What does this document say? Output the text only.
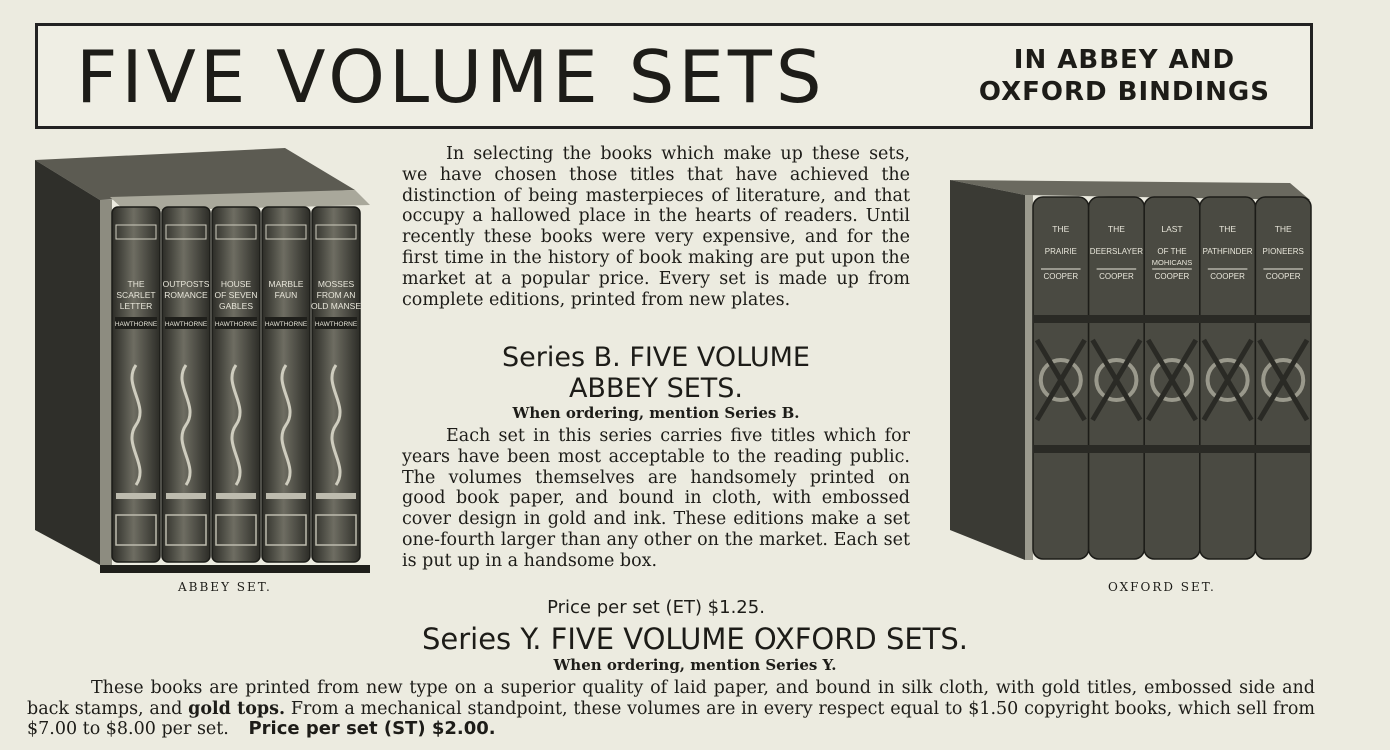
FIVE VOLUME SETS	IN ABBEY AND
OXFORD BINDINGS
THE
SCARLET
LETTER
HAWTHORNE
OUTPOSTS
ROMANCE
HAWTHORNE
HOUSE
OF SEVEN
GABLES
HAWTHORNE
MARBLE
FAUN
HAWTHORNE
MOSSES
FROM AN
OLD MANSE
HAWTHORNE
ABBEY SET.
THE
PRAIRIE
COOPER
THE
DEERSLAYER
COOPER
LAST
OF THE
MOHICANS
COOPER
THE
PATHFINDER
COOPER
THE
PIONEERS
COOPER
OXFORD SET.

In selecting the books which make up these sets, we have chosen those titles that have achieved the distinction of being masterpieces of literature, and that occupy a hallowed place in the hearts of readers. Until recently these books were very expensive, and for the first time in the history of book making are put upon the market at a popular price. Every set is made up from complete editions, printed from new plates.

Series B. FIVE VOLUME
ABBEY SETS.
When ordering, mention Series B.

Each set in this series carries five titles which for years have been most acceptable to the reading public. The volumes themselves are handsomely printed on good book paper, and bound in cloth, with embossed cover design in gold and ink. These editions make a set one-fourth larger than any other on the market. Each set is put up in a handsome box.

Price per set (ET) $1.25.
Series Y. FIVE VOLUME OXFORD SETS.
When ordering, mention Series Y.

These books are printed from new type on a superior quality of laid paper, and bound in silk cloth, with gold titles, embossed side and back stamps, and gold tops. From a mechanical standpoint, these volumes are in every respect equal to $1.50 copyright books, which sell from $7.00 to $8.00 per set. Price per set (ST) $2.00.
